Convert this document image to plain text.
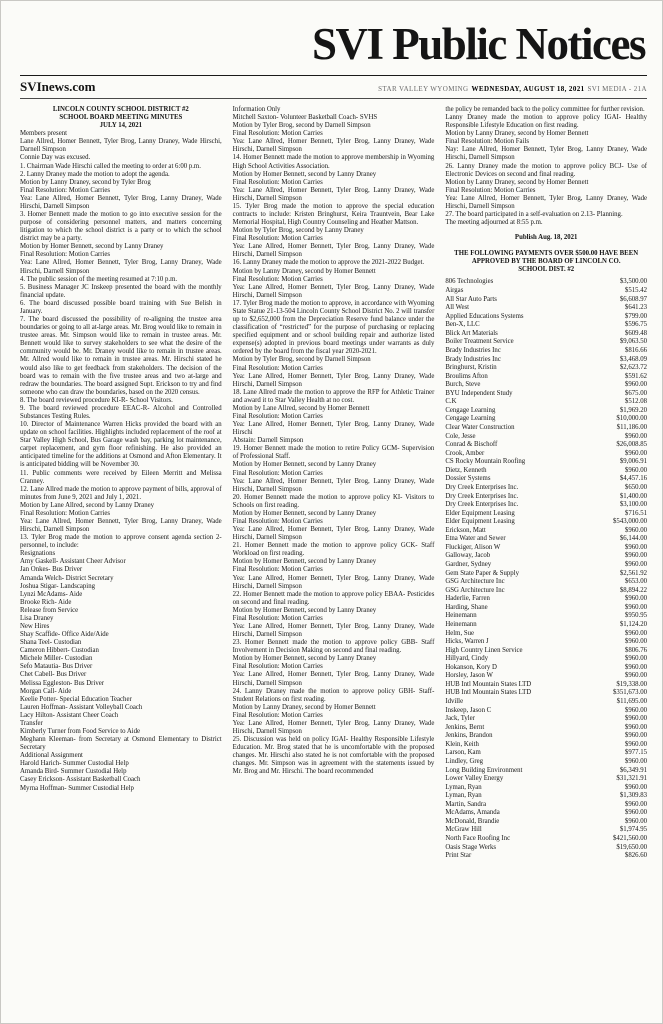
SVI Public Notices
SVInews.com	STAR VALLEY WYOMING WEDNESDAY, AUGUST 18, 2021 SVI MEDIA - 21A

LINCOLN COUNTY SCHOOL DISTRICT #2

SCHOOL BOARD MEETING MINUTES

JULY 14, 2021

Members present

Lane Allred, Homer Bennett, Tyler Brog, Lanny Draney, Wade Hirschi, Darnell Simpson

Connie Day was excused.

1. Chairman Wade Hirschi called the meeting to order at 6:00 p.m.

2. Lanny Draney made the motion to adopt the agenda.

Motion by Lanny Draney, second by Tyler Brog

Final Resolution: Motion Carries

Yea: Lane Allred, Homer Bennett, Tyler Brog, Lanny Draney, Wade Hirschi, Darnell Simpson

3. Homer Bennett made the motion to go into executive session for the purpose of considering personnel matters, and matters concerning litigation to which the school district is a party or to which the school district may be a party.

Motion by Homer Bennett, second by Lanny Draney

Final Resolution: Motion Carries

Yea: Lane Allred, Homer Bennett, Tyler Brog, Lanny Draney, Wade Hirschi, Darnell Simpson

4. The public session of the meeting resumed at 7:10 p.m.

5. Business Manager JC Inskeep presented the board with the monthly financial update.

6. The board discussed possible board training with Sue Belish in January.

7. The board discussed the possibility of re-aligning the trustee area boundaries or going to all at-large areas. Mr. Brog would like to remain in trustee areas. Mr. Simpson would like to remain in trustee areas. Mr. Bennett would like to survey stakeholders to see what the desire of the community would be. Mr. Draney would like to remain in trustee areas. Mr. Allred would like to remain in trustee areas. Mr. Hirschi stated he would also like to get feedback from stakeholders. The decision of the board was to remain with the five trustee areas and two at-large and redraw the boundaries. The board assigned Supt. Erickson to try and find someone who can draw the boundaries, based on the 2020 census.

8. The board reviewed procedure KI-R- School Visitors.

9. The board reviewed procedure EEAC-R- Alcohol and Controlled Substances Testing Rules.

10. Director of Maintenance Warren Hicks provided the board with an update on school facilities. Highlights included replacement of the roof at Star Valley High School, Bus Garage wash bay, parking lot maintenance, carpet replacement, and gym floor refinishing. He also provided an anticipated timeline for the additions at Osmond and Afton Elementary. It is anticipated bidding will be November 30.

11. Public comments were received by Eileen Merritt and Melissa Cranney.

12. Lane Allred made the motion to approve payment of bills, approval of minutes from June 9, 2021 and July 1, 2021.

Motion by Lane Allred, second by Lanny Draney

Final Resolution: Motion Carries

Yea: Lane Allred, Homer Bennett, Tyler Brog, Lanny Draney, Wade Hirschi, Darnell Simpson

13. Tyler Brog made the motion to approve consent agenda section 2- personnel, to include:

Resignations

Amy Gaskell- Assistant Cheer Advisor

Jan Onkes- Bus Driver

Amanda Welch- District Secretary

Joshua Stigar- Landscaping

Lynzi McAdams- Aide

Brooke Rich- Aide

Release from Service

Lisa Draney

New Hires

Shay Scaffide- Office Aide/Aide

Shana Teel- Custodian

Cameron Hibbert- Custodian

Michele Miller- Custodian

Sefo Matautia- Bus Driver

Chet Cabell- Bus Driver

Melissa Eggleston- Bus Driver

Morgan Call- Aide

Keelie Potter- Special Education Teacher

Lauren Hoffman- Assistant Volleyball Coach

Lacy Hilton- Assistant Cheer Coach

Transfer

Kimberly Turner from Food Service to Aide

Meghann Kleeman- from Secretary at Osmond Elementary to District Secretary

Additional Assignment

Harold Harich- Summer Custodial Help

Amanda Bird- Summer Custodial Help

Casey Erickson- Assistant Basketball Coach

Myrna Hoffman- Summer Custodial Help

Information Only

Mitchell Saxton- Volunteer Basketball Coach- SVHS

Motion by Tyler Brog, second by Darnell Simpson

Final Resolution: Motion Carries

Yea: Lane Allred, Homer Bennett, Tyler Brog, Lanny Draney, Wade Hirschi, Darnell Simpson

14. Homer Bennett made the motion to approve membership in Wyoming High School Activities Association.

Motion by Homer Bennett, second by Lanny Draney

Final Resolution: Motion Carries

Yea: Lane Allred, Homer Bennett, Tyler Brog, Lanny Draney, Wade Hirschi, Darnell Simpson

15. Tyler Brog made the motion to approve the special education contracts to include: Kristen Bringhurst, Keira Trauntvein, Bear Lake Memorial Hospital, High Country Counseling and Heather Mattson.

Motion by Tyler Brog, second by Lanny Draney

Final Resolution: Motion Carries

Yea: Lane Allred, Homer Bennett, Tyler Brog, Lanny Draney, Wade Hirschi, Darnell Simpson

16. Lanny Draney made the motion to approve the 2021-2022 Budget.

Motion by Lanny Draney, second by Homer Bennett

Final Resolution: Motion Carries

Yea: Lane Allred, Homer Bennett, Tyler Brog, Lanny Draney, Wade Hirschi, Darnell Simpson

17. Tyler Brog made the motion to approve, in accordance with Wyoming State Statue 21-13-504 Lincoln County School District No. 2 will transfer up to $2,652,000 from the Depreciation Reserve fund balance under the classification of “restricted” for the purpose of purchasing or replacing specified equipment and or school building repair and authorize listed expense(s) adopted in previous board meetings under warrants as duly ordered by the board from the fiscal year 2020-2021.

Motion by Tyler Brog, second by Darnell Simpson

Final Resolution: Motion Carries

Yea: Lane Allred, Homer Bennett, Tyler Brog, Lanny Draney, Wade Hirschi, Darnell Simpson

18. Lane Allred made the motion to approve the RFP for Athletic Trainer and award it to Star Valley Health at no cost.

Motion by Lane Allred, second by Homer Bennett

Final Resolution: Motion Carries

Yea: Lane Allred, Homer Bennett, Tyler Brog, Lanny Draney, Wade Hirschi

Abstain: Darnell Simpson

19. Homer Bennett made the motion to retire Policy GCM- Supervision of Professional Staff.

Motion by Homer Bennett, second by Lanny Draney

Final Resolution: Motion Carries

Yea: Lane Allred, Homer Bennett, Tyler Brog, Lanny Draney, Wade Hirschi, Darnell Simpson

20. Homer Bennett made the motion to approve policy KI- Visitors to Schools on first reading.

Motion by Homer Bennett, second by Lanny Draney

Final Resolution: Motion Carries

Yea: Lane Allred, Homer Bennett, Tyler Brog, Lanny Draney, Wade Hirschi, Darnell Simpson

21. Homer Bennett made the motion to approve policy GCK- Staff Workload on first reading.

Motion by Homer Bennett, second by Lanny Draney

Final Resolution: Motion Carries

Yea: Lane Allred, Homer Bennett, Tyler Brog, Lanny Draney, Wade Hirschi, Darnell Simpson

22. Homer Bennett made the motion to approve policy EBAA- Pesticides on second and final reading.

Motion by Homer Bennett, second by Lanny Draney

Final Resolution: Motion Carries

Yea: Lane Allred, Homer Bennett, Tyler Brog, Lanny Draney, Wade Hirschi, Darnell Simpson

23. Homer Bennett made the motion to approve policy GBB- Staff Involvement in Decision Making on second and final reading.

Motion by Homer Bennett, second by Lanny Draney

Final Resolution: Motion Carries

Yea: Lane Allred, Homer Bennett, Tyler Brog, Lanny Draney, Wade Hirschi, Darnell Simpson

24. Lanny Draney made the motion to approve policy GBH- Staff-Student Relations on first reading.

Motion by Lanny Draney, second by Homer Bennett

Final Resolution: Motion Carries

Yea: Lane Allred, Homer Bennett, Tyler Brog, Lanny Draney, Wade Hirschi, Darnell Simpson

25. Discussion was held on policy IGAI- Healthy Responsible Lifestyle Education. Mr. Brog stated that he is uncomfortable with the proposed changes. Mr. Hirschi also stated he is not comfortable with the proposed changes. Mr. Simpson was in agreement with the statements issued by Mr. Brog and Mr. Hirschi. The board recommended

the policy be remanded back to the policy committee for further revision.

Lanny Draney made the motion to approve policy IGAI- Healthy Responsible Lifestyle Education on first reading.

Motion by Lanny Draney, second by Homer Bennett

Final Resolution: Motion Fails

Nay: Lane Allred, Homer Bennett, Tyler Brog, Lanny Draney, Wade Hirschi, Darnell Simpson

26. Lanny Draney made the motion to approve policy BCJ- Use of Electronic Devices on second and final reading.

Motion by Lanny Draney, second by Homer Bennett

Final Resolution: Motion Carries

Yea: Lane Allred, Homer Bennett, Tyler Brog, Lanny Draney, Wade Hirschi, Darnell Simpson

27. The board participated in a self-evaluation on 2.13- Planning.

The meeting adjourned at 8:55 p.m.

Publish Aug. 18, 2021

THE FOLLOWING PAYMENTS OVER $500.00 HAVE BEEN

APPROVED BY THE BOARD OF LINCOLN CO.

SCHOOL DIST. #2

806 Technologies	$3,500.00
Airgas	$515.42
All Star Auto Parts	$6,608.97
All West	$641.23
Applied Educations Systems	$799.00
Ben-X, LLC	$596.75
Blick Art Materials	$609.48
Boiler Treatment Service	$9,063.50
Brady Industries Inc	$816.66
Brady Industries Inc	$3,468.09
Bringhurst, Kristin	$2,623.72
Broulims Afton	$591.62
Burch, Steve	$960.00
BYU Independent Study	$675.00
C.K	$512.08
Cengage Learning	$1,969.20
Cengage Learning	$10,000.00
Clear Water Construction	$11,186.00
Cole, Jesse	$960.00
Conrad & Bischoff	$26,008.85
Crook, Amber	$960.00
CS Rocky Mountain Roofing	$9,006.91
Dietz, Kenneth	$960.00
Dossier Systems	$4,457.16
Dry Creek Enterprises Inc.	$650.00
Dry Creek Enterprises Inc.	$1,400.00
Dry Creek Enterprises Inc.	$3,100.00
Elder Equipment Leasing	$716.51
Elder Equipment Leasing	$543,000.00
Erickson, Matt	$960.00
Etna Water and Sewer	$6,144.00
Fluckiger, Alison W	$960.00
Galloway, Jacob	$960.00
Gardner, Sydney	$960.00
Gem State Paper & Supply	$2,561.92
GSG Architecture Inc	$653.00
GSG Architecture Inc	$8,894.22
Haderlie, Farren	$960.00
Harding, Shane	$960.00
Heinemann	$950.95
Heinemann	$1,124.20
Helm, Sue	$960.00
Hicks, Warren J	$960.00
High Country Linen Service	$806.76
Hillyard, Cindy	$960.00
Hokanson, Kory D	$960.00
Horsley, Jason W	$960.00
HUB Intl Mountain States LTD	$19,338.00
HUB Intl Mountain States LTD	$351,673.00
Idville	$11,695.00
Inskeep, Jason C	$960.00
Jack, Tyler	$960.00
Jenkins, Bernt	$960.00
Jenkins, Brandon	$960.00
Klein, Keith	$960.00
Larson, Kam	$977.15
Lindley, Greg	$960.00
Long Building Environment	$6,349.91
Lower Valley Energy	$31,321.91
Lyman, Ryan	$960.00
Lyman, Ryan	$1,309.83
Martin, Sandra	$960.00
McAdams, Amanda	$960.00
McDonald, Brandie	$960.00
McGraw Hill	$1,974.95
North Face Roofing Inc	$421,560.00
Oasis Stage Werks	$19,650.00
Print Star	$826.60
